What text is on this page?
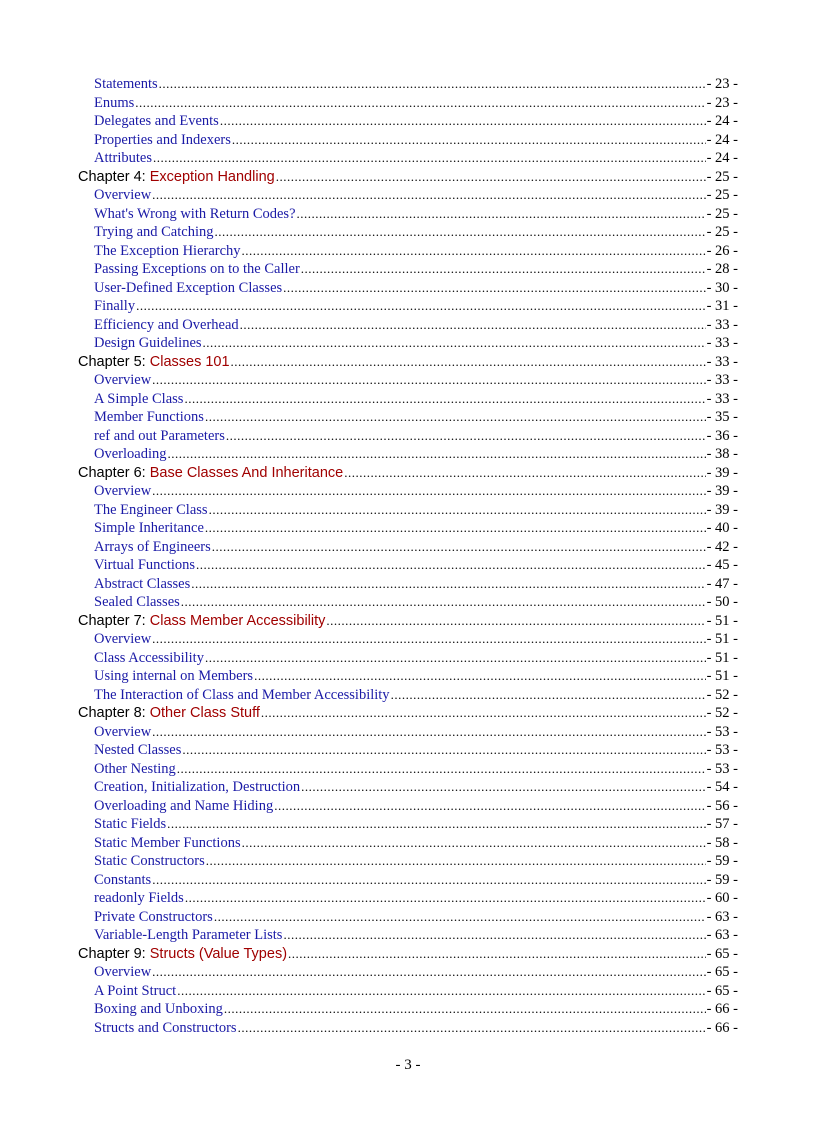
Statements .....	- 23 -
Enums .....	- 23 -
Delegates and Events .....	- 24 -
Properties and Indexers .....	- 24 -
Attributes .....	- 24 -
Chapter 4: Exception Handling .....	- 25 -
Overview .....	- 25 -
What's Wrong with Return Codes? .....	- 25 -
Trying and Catching .....	- 25 -
The Exception Hierarchy .....	- 26 -
Passing Exceptions on to the Caller .....	- 28 -
User-Defined Exception Classes .....	- 30 -
Finally .....	- 31 -
Efficiency and Overhead .....	- 33 -
Design Guidelines .....	- 33 -
Chapter 5: Classes 101 .....	- 33 -
Overview .....	- 33 -
A Simple Class .....	- 33 -
Member Functions .....	- 35 -
ref and out Parameters .....	- 36 -
Overloading .....	- 38 -
Chapter 6: Base Classes And Inheritance .....	- 39 -
Overview .....	- 39 -
The Engineer Class .....	- 39 -
Simple Inheritance .....	- 40 -
Arrays of Engineers .....	- 42 -
Virtual Functions .....	- 45 -
Abstract Classes .....	- 47 -
Sealed Classes .....	- 50 -
Chapter 7: Class Member Accessibility .....	- 51 -
Overview .....	- 51 -
Class Accessibility .....	- 51 -
Using internal on Members .....	- 51 -
The Interaction of Class and Member Accessibility .....	- 52 -
Chapter 8: Other Class Stuff .....	- 52 -
Overview .....	- 53 -
Nested Classes .....	- 53 -
Other Nesting .....	- 53 -
Creation, Initialization, Destruction .....	- 54 -
Overloading and Name Hiding .....	- 56 -
Static Fields .....	- 57 -
Static Member Functions .....	- 58 -
Static Constructors .....	- 59 -
Constants .....	- 59 -
readonly Fields .....	- 60 -
Private Constructors .....	- 63 -
Variable-Length Parameter Lists .....	- 63 -
Chapter 9: Structs (Value Types) .....	- 65 -
Overview .....	- 65 -
A Point Struct .....	- 65 -
Boxing and Unboxing .....	- 66 -
Structs and Constructors .....	- 66 -
- 3 -
